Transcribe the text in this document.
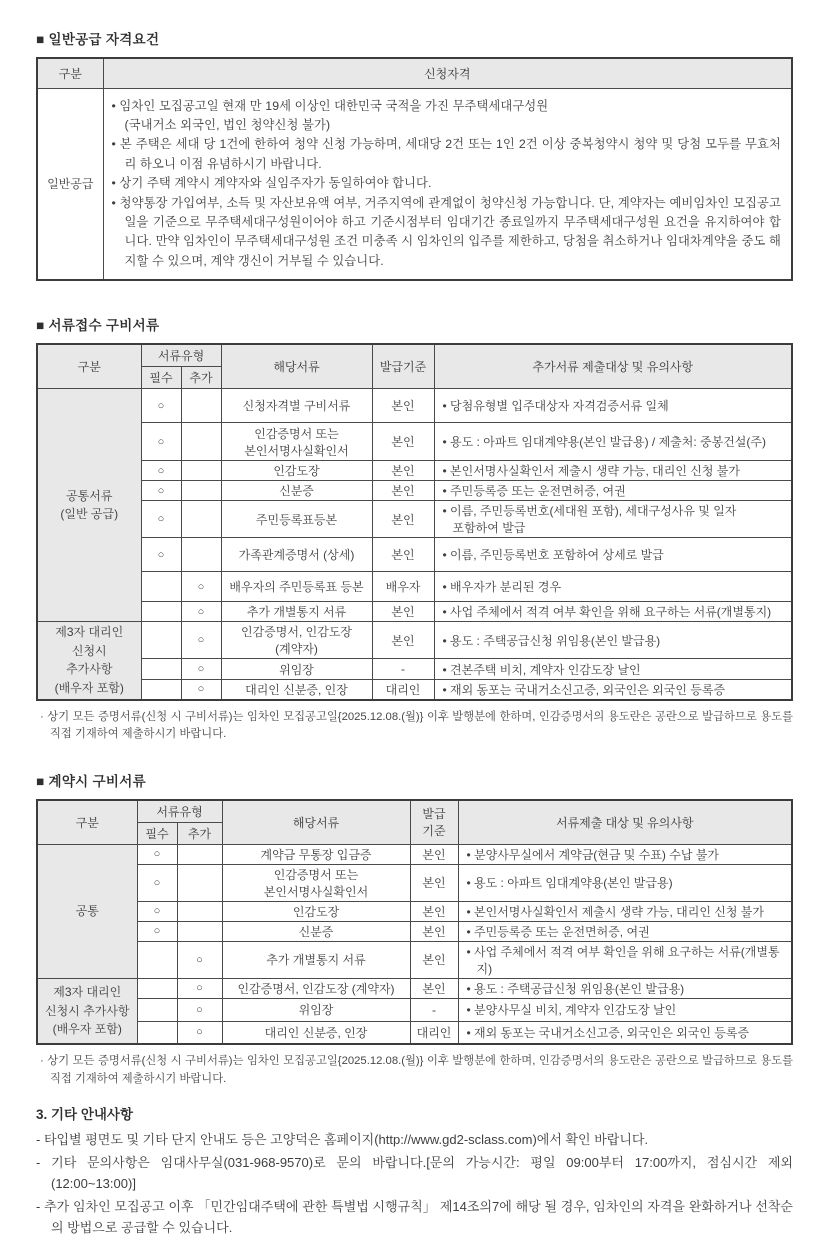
■ 일반공급 자격요건
구분	신청자격
일반공급	• 임차인 모집공고일 현재 만 19세 이상인 대한민국 국적을 가진 무주택세대구성원
(국내거소 외국인, 법인 청약신청 불가)

• 본 주택은 세대 당 1건에 한하여 청약 신청 가능하며, 세대당 2건 또는 1인 2건 이상 중복청약시 청약 및 당첨 모두를 무효처리 하오니 이점 유념하시기 바랍니다.

• 상기 주택 계약시 계약자와 실임주자가 동일하여야 합니다.

• 청약통장 가입여부, 소득 및 자산보유액 여부, 거주지역에 관계없이 청약신청 가능합니다. 단, 계약자는 예비임차인 모집공고일을 기준으로 무주택세대구성원이어야 하고 기준시점부터 임대기간 종료일까지 무주택세대구성원 요건을 유지하여야 합니다. 만약 임차인이 무주택세대구성원 조건 미충족 시 임차인의 입주를 제한하고, 당첨을 취소하거나 임대차계약을 중도 해지할 수 있으며, 계약 갱신이 거부될 수 있습니다.

■ 서류접수 구비서류
구분	서류유형		해당서류	발급기준	추가서류 제출대상 및 유의사항
	필수	추가			
공통서류
(일반 공급)	○		신청자격별 구비서류	본인	• 당첨유형별 입주대상자 자격검증서류 일체
	○		인감증명서 또는
본인서명사실확인서	본인	• 용도 : 아파트 임대계약용(본인 발급용) / 제출처: 중봉건설(주)
	○		인감도장	본인	• 본인서명사실확인서 제출시 생략 가능, 대리인 신청 불가
	○		신분증	본인	• 주민등록증 또는 운전면허증, 여권
	○		주민등록표등본	본인	• 이름, 주민등록번호(세대원 포함), 세대구성사유 및 일자
포함하여 발급
	○		가족관계증명서 (상세)	본인	• 이름, 주민등록번호 포함하여 상세로 발급
		○	배우자의 주민등록표 등본	배우자	• 배우자가 분리된 경우
		○	추가 개별통지 서류	본인	• 사업 주체에서 적격 여부 확인을 위해 요구하는 서류(개별통지)
제3자 대리인
신청시
추가사항
(배우자 포함)		○	인감증명서, 인감도장
(계약자)	본인	• 용도 : 주택공급신청 위임용(본인 발급용)
		○	위임장	-	• 견본주택 비치, 계약자 인감도장 날인
		○	대리인 신분증, 인장	대리인	• 재외 동포는 국내거소신고증, 외국인은 외국인 등록증
· 상기 모든 증명서류(신청 시 구비서류)는 임차인 모집공고일{2025.12.08.(월)} 이후 발행분에 한하며, 인감증명서의 용도란은 공란으로 발급하므로 용도를 직접 기재하여 제출하시기 바랍니다.
■ 계약시 구비서류
구분	서류유형		해당서류	발급
기준	서류제출 대상 및 유의사항
	필수	추가			
공통	○		계약금 무통장 입금증	본인	• 분양사무실에서 계약금(현금 및 수표) 수납 불가
	○		인감증명서 또는
본인서명사실확인서	본인	• 용도 : 아파트 임대계약용(본인 발급용)
	○		인감도장	본인	• 본인서명사실확인서 제출시 생략 가능, 대리인 신청 불가
	○		신분증	본인	• 주민등록증 또는 운전면허증, 여권
		○	추가 개별통지 서류	본인	• 사업 주체에서 적격 여부 확인을 위해 요구하는 서류(개별통지)
제3자 대리인
신청시 추가사항
(배우자 포함)		○	인감증명서, 인감도장 (계약자)	본인	• 용도 : 주택공급신청 위임용(본인 발급용)
		○	위임장	-	• 분양사무실 비치, 계약자 인감도장 날인
		○	대리인 신분증, 인장	대리인	• 재외 동포는 국내거소신고증, 외국인은 외국인 등록증
· 상기 모든 증명서류(신청 시 구비서류)는 임차인 모집공고일{2025.12.08.(월)} 이후 발행분에 한하며, 인감증명서의 용도란은 공란으로 발급하므로 용도를 직접 기재하여 제출하시기 바랍니다.
3. 기타 안내사항
- 타입별 평면도 및 기타 단지 안내도 등은 고양덕은 홈페이지(http://www.gd2-sclass.com)에서 확인 바랍니다.
- 기타 문의사항은 임대사무실(031-968-9570)로 문의 바랍니다.[문의 가능시간: 평일 09:00부터 17:00까지, 점심시간 제외(12:00~13:00)]
- 추가 임차인 모집공고 이후 「민간임대주택에 관한 특별법 시행규칙」 제14조의7에 해당 될 경우, 임차인의 자격을 완화하거나 선착순의 방법으로 공급할 수 있습니다.
